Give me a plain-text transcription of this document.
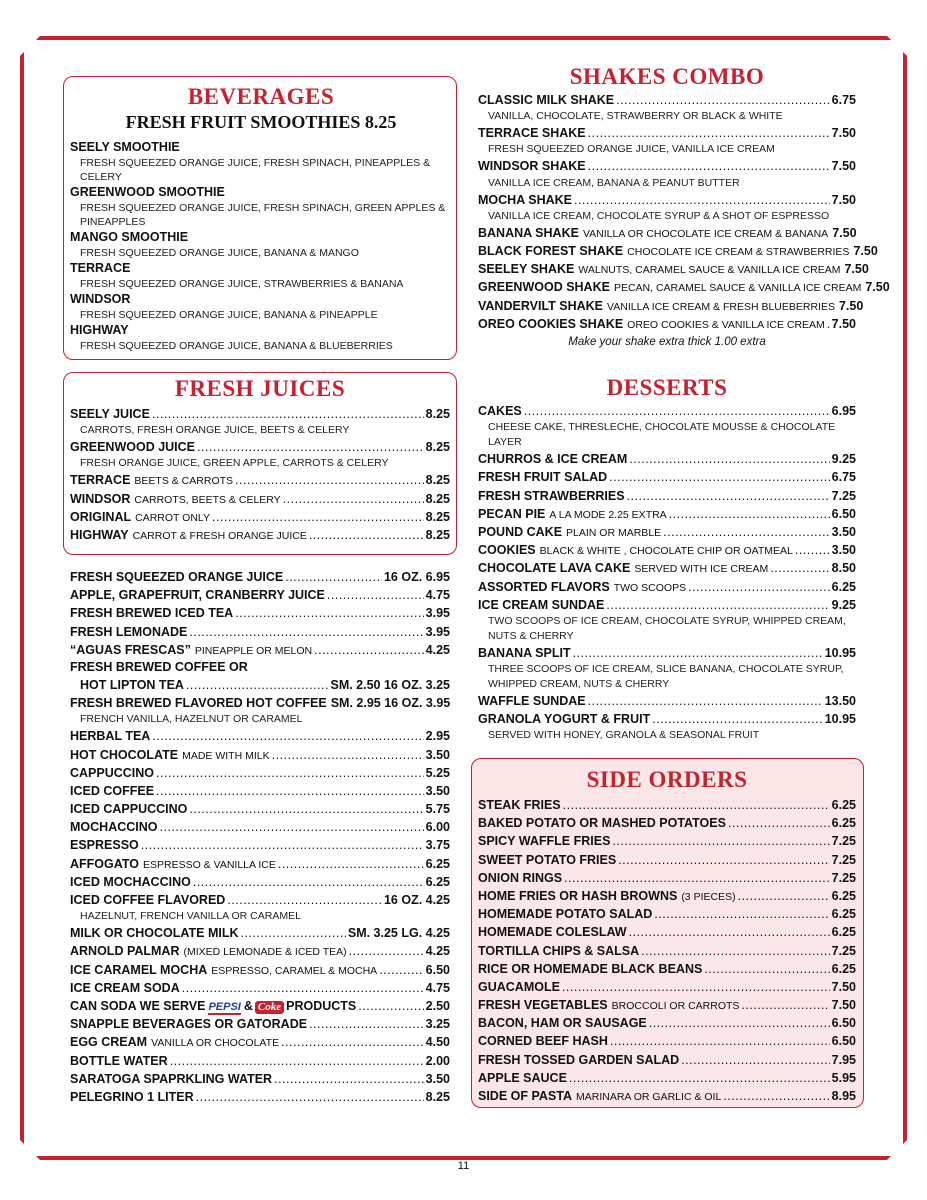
BEVERAGES
FRESH FRUIT SMOOTHIES 8.25
SEELY SMOOTHIE
FRESH SQUEEZED ORANGE JUICE, FRESH SPINACH, PINEAPPLES & CELERY
GREENWOOD SMOOTHIE
FRESH SQUEEZED ORANGE JUICE, FRESH SPINACH, GREEN APPLES & PINEAPPLES
MANGO SMOOTHIE
FRESH SQUEEZED ORANGE JUICE, BANANA & MANGO
TERRACE
FRESH SQUEEZED ORANGE JUICE, STRAWBERRIES & BANANA
WINDSOR
FRESH SQUEEZED ORANGE JUICE, BANANA & PINEAPPLE
HIGHWAY
FRESH SQUEEZED ORANGE JUICE, BANANA & BLUEBERRIES
FRESH JUICES
SEELY JUICE .....	8.25
CARROTS, FRESH ORANGE JUICE, BEETS & CELERY
GREENWOOD JUICE .....	8.25
FRESH ORANGE JUICE, GREEN APPLE, CARROTS & CELERY
TERRACE BEETS & CARROTS .....	8.25
WINDSOR CARROTS, BEETS & CELERY .....	8.25
ORIGINAL CARROT ONLY .....	8.25
HIGHWAY CARROT & FRESH ORANGE JUICE .....	8.25
FRESH SQUEEZED ORANGE JUICE .....	16 OZ. 6.95
APPLE, GRAPEFRUIT, CRANBERRY JUICE .....	4.75
FRESH BREWED ICED TEA .....	3.95
FRESH LEMONADE .....	3.95
“AGUAS FRESCAS” PINEAPPLE OR MELON .....	4.25
FRESH BREWED COFFEE OR
HOT LIPTON TEA .....	SM. 2.50 16 OZ. 3.25
FRESH BREWED FLAVORED HOT COFFEE SM. 2.95 16 OZ. 3.95
FRENCH VANILLA, HAZELNUT OR CARAMEL
HERBAL TEA .....	2.95
HOT CHOCOLATE MADE WITH MILK .....	3.50
CAPPUCCINO .....	5.25
ICED COFFEE .....	3.50
ICED CAPPUCCINO .....	5.75
MOCHACCINO .....	6.00
ESPRESSO .....	3.75
AFFOGATO ESPRESSO & VANILLA ICE .....	6.25
ICED MOCHACCINO .....	6.25
ICED COFFEE FLAVORED .....	16 OZ. 4.25
HAZELNUT, FRENCH VANILLA OR CARAMEL
MILK OR CHOCOLATE MILK .....	SM. 3.25 LG. 4.25
ARNOLD PALMAR (MIXED LEMONADE & ICED TEA) .....	4.25
ICE CARAMEL MOCHA ESPRESSO, CARAMEL & MOCHA .....	6.50
ICE CREAM SODA .....	4.75
CAN SODA WE SERVE PEPSI & Coke PRODUCTS .....	2.50
SNAPPLE BEVERAGES OR GATORADE .....	3.25
EGG CREAM VANILLA OR CHOCOLATE .....	4.50
BOTTLE WATER .....	2.00
SARATOGA SPAPRKLING WATER .....	3.50
PELEGRINO 1 LITER .....	8.25
SHAKES COMBO
CLASSIC MILK SHAKE .....	6.75
VANILLA, CHOCOLATE, STRAWBERRY OR BLACK & WHITE
TERRACE SHAKE .....	7.50
FRESH SQUEEZED ORANGE JUICE, VANILLA ICE CREAM
WINDSOR SHAKE .....	7.50
VANILLA ICE CREAM, BANANA & PEANUT BUTTER
MOCHA SHAKE .....	7.50
VANILLA ICE CREAM, CHOCOLATE SYRUP & A SHOT OF ESPRESSO
BANANA SHAKE VANILLA OR CHOCOLATE ICE CREAM & BANANA 7.50
BLACK FOREST SHAKE CHOCOLATE ICE CREAM & STRAWBERRIES 7.50
SEELEY SHAKE WALNUTS, CARAMEL SAUCE & VANILLA ICE CREAM 7.50
GREENWOOD SHAKE PECAN, CARAMEL SAUCE & VANILLA ICE CREAM 7.50
VANDERVILT SHAKE VANILLA ICE CREAM & FRESH BLUEBERRIES 7.50
OREO COOKIES SHAKE OREO COOKIES & VANILLA ICE CREAM ..... 7.50
Make your shake extra thick 1.00 extra
DESSERTS
CAKES .....	6.95
CHEESE CAKE, THRESLECHE, CHOCOLATE MOUSSE & CHOCOLATE LAYER
CHURROS & ICE CREAM .....	9.25
FRESH FRUIT SALAD .....	6.75
FRESH STRAWBERRIES .....	7.25
PECAN PIE A LA MODE 2.25 EXTRA .....	6.50
POUND CAKE PLAIN OR MARBLE .....	3.50
COOKIES BLACK & WHITE , CHOCOLATE CHIP OR OATMEAL .....	3.50
CHOCOLATE LAVA CAKE SERVED WITH ICE CREAM .....	8.50
ASSORTED FLAVORS TWO SCOOPS .....	6.25
ICE CREAM SUNDAE .....	9.25
TWO SCOOPS OF ICE CREAM, CHOCOLATE SYRUP, WHIPPED CREAM, NUTS & CHERRY
BANANA SPLIT .....	10.95
THREE SCOOPS OF ICE CREAM, SLICE BANANA, CHOCOLATE SYRUP, WHIPPED CREAM, NUTS & CHERRY
WAFFLE SUNDAE .....	13.50
GRANOLA YOGURT & FRUIT .....	10.95
SERVED WITH HONEY, GRANOLA & SEASONAL FRUIT
SIDE ORDERS
STEAK FRIES .....	6.25
BAKED POTATO OR MASHED POTATOES .....	6.25
SPICY WAFFLE FRIES .....	7.25
SWEET POTATO FRIES .....	7.25
ONION RINGS .....	7.25
HOME FRIES OR HASH BROWNS (3 PIECES) .....	6.25
HOMEMADE POTATO SALAD .....	6.25
HOMEMADE COLESLAW .....	6.25
TORTILLA CHIPS & SALSA .....	7.25
RICE OR HOMEMADE BLACK BEANS .....	6.25
GUACAMOLE .....	7.50
FRESH VEGETABLES BROCCOLI OR CARROTS .....	7.50
BACON, HAM OR SAUSAGE .....	6.50
CORNED BEEF HASH .....	6.50
FRESH TOSSED GARDEN SALAD .....	7.95
APPLE SAUCE .....	5.95
SIDE OF PASTA MARINARA OR GARLIC & OIL .....	8.95
11
